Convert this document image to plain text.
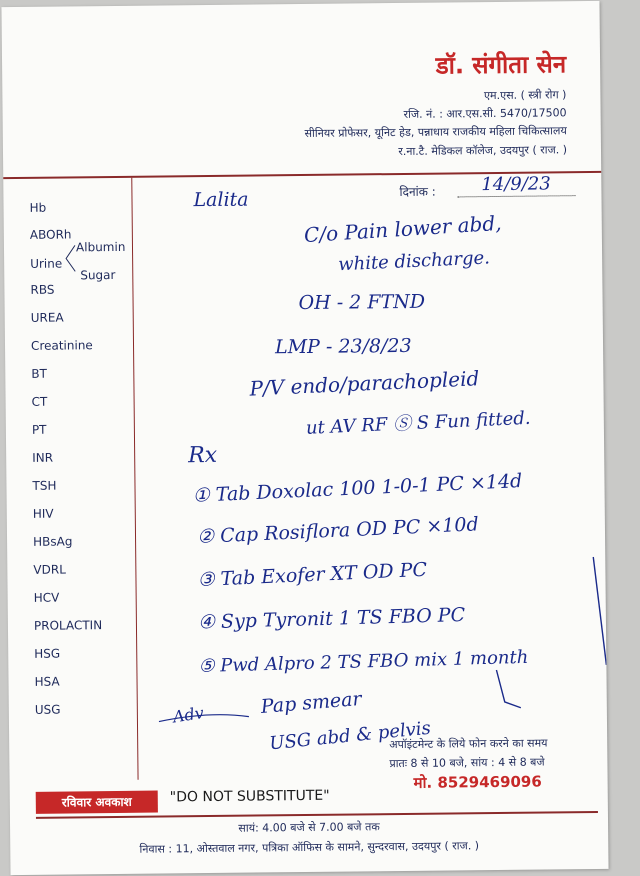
डॉ. संगीता सेन
एम.एस. ( स्त्री रोग )
रजि. नं. : आर.एस.सी. 5470/17500
सीनियर प्रोफेसर, यूनिट हेड, पन्नाधाय राजकीय महिला चिकित्सालय
र.ना.टै. मेडिकल कॉलेज, उदयपुर ( राज. )
दिनांक :
Hb
ABORh
Urine
Albumin
Sugar
RBS
UREA
Creatinine
BT
CT
PT
INR
TSH
HIV
HBsAg
VDRL
HCV
PROLACTIN
HSG
HSA
USG
Lalita
14/9/23
C/o Pain lower abd,
white discharge.
OH - 2 FTND
LMP - 23/8/23
P/V endo/parachopleid
ut AV RF Ⓢ S Fun fitted.
Rx
① Tab Doxolac 100 1-0-1 PC ×14d
② Cap Rosiflora OD PC ×10d
③ Tab Exofer XT OD PC
④ Syp Tyronit 1 TS FBO PC
⑤ Pwd Alpro 2 TS FBO mix 1 month
Adv	Pap smear
USG abd & pelvis
अपॉइंटमेन्ट के लिये फोन करने का समय
प्रातः 8 से 10 बजे, सांय : 4 से 8 बजे
मो. 8529469096
रविवार अवकाश	"DO NOT SUBSTITUTE"
सायं: 4.00 बजे से 7.00 बजे तक
निवास : 11, ओस्तवाल नगर, पत्रिका ऑफिस के सामने, सुन्दरवास, उदयपुर ( राज. )
